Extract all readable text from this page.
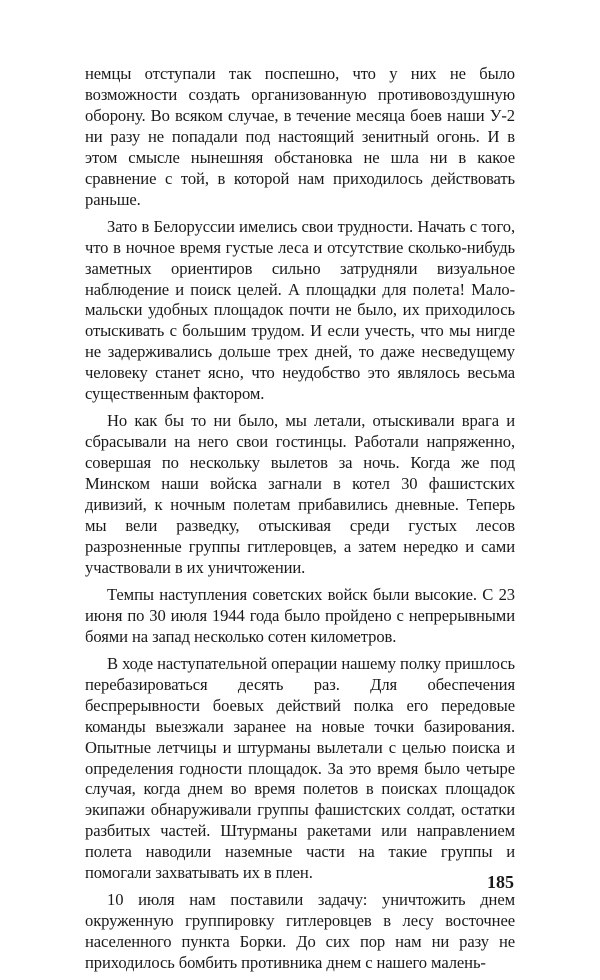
немцы отступали так поспешно, что у них не было возможности создать организованную противовоздушную оборону. Во всяком случае, в течение месяца боев наши У-2 ни разу не попадали под настоящий зенитный огонь. И в этом смысле нынешняя обстановка не шла ни в какое сравнение с той, в которой нам приходилось действовать раньше.

Зато в Белоруссии имелись свои трудности. Начать с того, что в ночное время густые леса и отсутствие сколько-нибудь заметных ориентиров сильно затрудняли визуальное наблюдение и поиск целей. А площадки для полета! Мало-мальски удобных площадок почти не было, их приходилось отыскивать с большим трудом. И если учесть, что мы нигде не задерживались дольше трех дней, то даже несведущему человеку станет ясно, что неудобство это являлось весьма существенным фактором.

Но как бы то ни было, мы летали, отыскивали врага и сбрасывали на него свои гостинцы. Работали напряженно, совершая по нескольку вылетов за ночь. Когда же под Минском наши войска загнали в котел 30 фашистских дивизий, к ночным полетам прибавились дневные. Теперь мы вели разведку, отыскивая среди густых лесов разрозненные группы гитлеровцев, а затем нередко и сами участвовали в их уничтожении.

Темпы наступления советских войск были высокие. С 23 июня по 30 июля 1944 года было пройдено с непрерывными боями на запад несколько сотен километров.

В ходе наступательной операции нашему полку пришлось перебазироваться десять раз. Для обеспечения беспрерывности боевых действий полка его передовые команды выезжали заранее на новые точки базирования. Опытные летчицы и штурманы вылетали с целью поиска и определения годности площадок. За это время было четыре случая, когда днем во время полетов в поисках площадок экипажи обнаруживали группы фашистских солдат, остатки разбитых частей. Штурманы ракетами или направлением полета наводили наземные части на такие группы и помогали захватывать их в плен.

10 июля нам поставили задачу: уничтожить днем окруженную группировку гитлеровцев в лесу восточнее населенного пункта Борки. До сих пор нам ни разу не приходилось бомбить противника днем с нашего малень-

185
